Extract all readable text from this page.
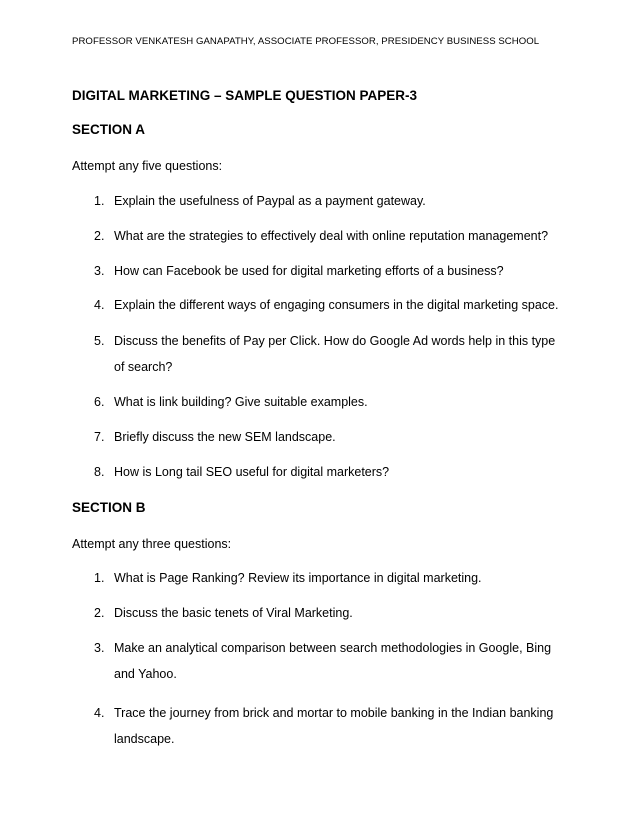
PROFESSOR VENKATESH GANAPATHY, ASSOCIATE PROFESSOR, PRESIDENCY BUSINESS SCHOOL
DIGITAL MARKETING – SAMPLE QUESTION PAPER-3
SECTION A
Attempt any five questions:
1. Explain the usefulness of Paypal as a payment gateway.
2. What are the strategies to effectively deal with online reputation management?
3. How can Facebook be used for digital marketing efforts of a business?
4. Explain the different ways of engaging consumers in the digital marketing space.
5. Discuss the benefits of Pay per Click. How do Google Ad words help in this type
of search?
6. What is link building? Give suitable examples.
7. Briefly discuss the new SEM landscape.
8. How is Long tail SEO useful for digital marketers?
SECTION B
Attempt any three questions:
1. What is Page Ranking? Review its importance in digital marketing.
2. Discuss the basic tenets of Viral Marketing.
3. Make an analytical comparison between search methodologies in Google, Bing
and Yahoo.
4. Trace the journey from brick and mortar to mobile banking in the Indian banking
landscape.
